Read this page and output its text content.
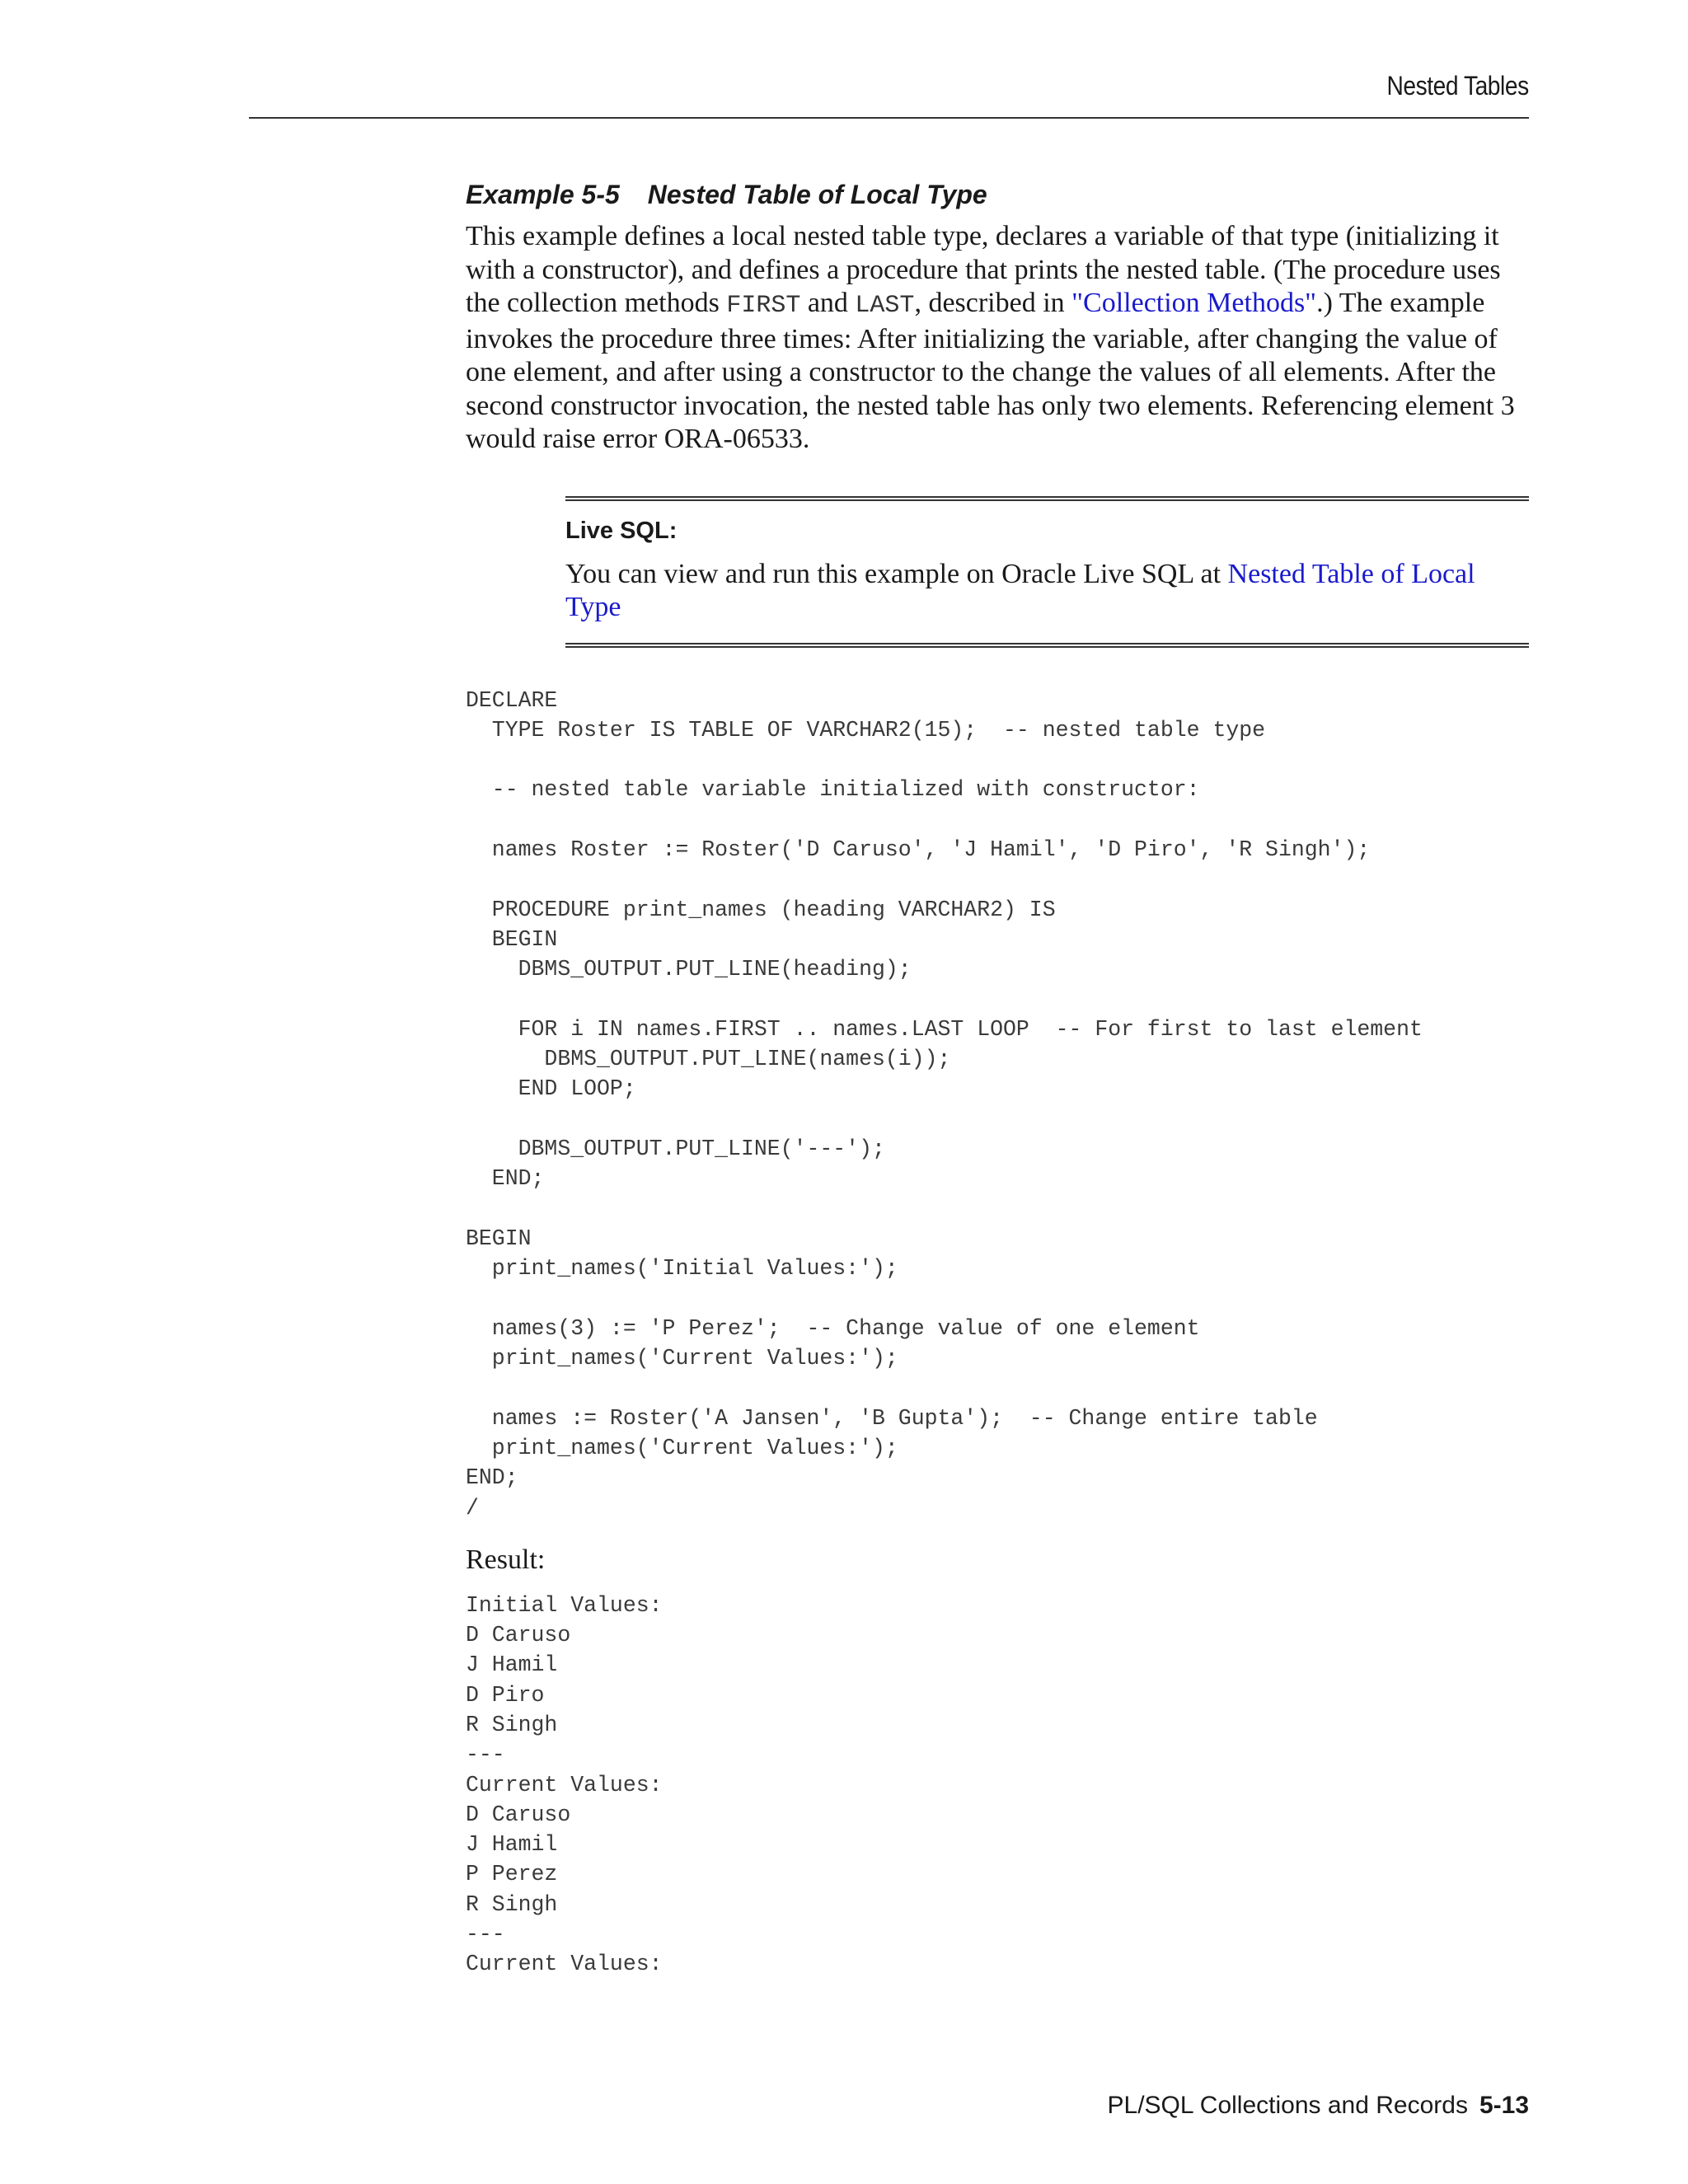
Nested Tables
Example 5-5 Nested Table of Local Type

This example defines a local nested table type, declares a variable of that type (initializing it with a constructor), and defines a procedure that prints the nested table. (The procedure uses the collection methods FIRST and LAST, described in "Collection Methods".) The example invokes the procedure three times: After initializing the variable, after changing the value of one element, and after using a constructor to the change the values of all elements. After the second constructor invocation, the nested table has only two elements. Referencing element 3 would raise error ORA-06533.

Live SQL:

You can view and run this example on Oracle Live SQL at Nested Table of Local Type

DECLARE
TYPE Roster IS TABLE OF VARCHAR2(15);  -- nested table type
-- nested table variable initialized with constructor:
names Roster := Roster('D Caruso', 'J Hamil', 'D Piro', 'R Singh');
PROCEDURE print_names (heading VARCHAR2) IS
BEGIN
DBMS_OUTPUT.PUT_LINE(heading);
FOR i IN names.FIRST .. names.LAST LOOP  -- For first to last element
DBMS_OUTPUT.PUT_LINE(names(i));
END LOOP;
DBMS_OUTPUT.PUT_LINE('---');
END;
BEGIN
print_names('Initial Values:');
names(3) := 'P Perez';  -- Change value of one element
print_names('Current Values:');
names := Roster('A Jansen', 'B Gupta');  -- Change entire table
print_names('Current Values:');
END;
/
Result:
Initial Values:
D Caruso
J Hamil
D Piro
R Singh
---
Current Values:
D Caruso
J Hamil
P Perez
R Singh
---
Current Values:
PL/SQL Collections and Records 5-13
